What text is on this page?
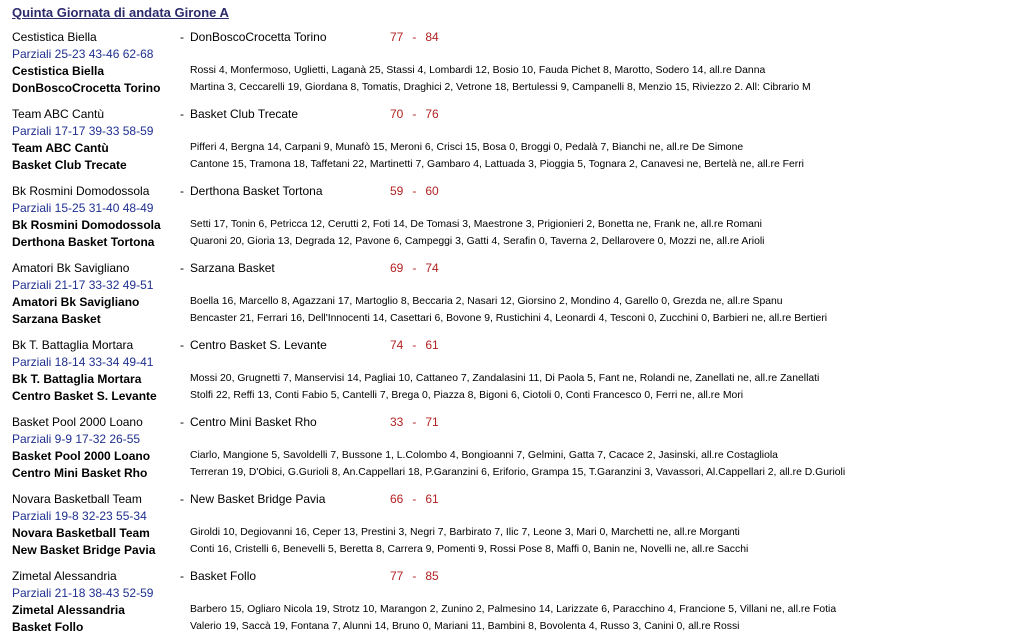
Quinta Giornata di andata Girone A
Cestistica Biella	- DonBoscoCrocetta Torino	77 - 84
Parziali 25-23 43-46 62-68
Cestistica Biella	Rossi 4, Monfermoso, Uglietti, Laganà 25, Stassi 4, Lombardi 12, Bosio 10, Fauda Pichet 8, Marotto, Sodero 14, all.re Danna
DonBoscoCrocetta Torino	Martina 3, Ceccarelli 19, Giordana 8, Tomatis, Draghici 2, Vetrone 18, Bertulessi 9, Campanelli 8, Menzio 15, Riviezzo 2. All: Cibrario M
Team ABC Cantù	- Basket Club Trecate	70 - 76
Parziali 17-17 39-33 58-59
Team ABC Cantù	Pifferi 4, Bergna 14, Carpani 9, Munafò 15, Meroni 6, Crisci 15, Bosa 0, Broggi 0, Pedalà 7, Bianchi ne, all.re De Simone
Basket Club Trecate	Cantone 15, Tramona 18, Taffetani 22, Martinetti 7, Gambaro 4, Lattuada 3, Pioggia 5, Tognara 2, Canavesi ne, Bertelà ne, all.re Ferri
Bk Rosmini Domodossola	- Derthona Basket Tortona	59 - 60
Parziali 15-25 31-40 48-49
Bk Rosmini Domodossola	Setti 17, Tonin 6, Petricca 12, Cerutti 2, Foti 14, De Tomasi 3, Maestrone 3, Prigionieri 2, Bonetta ne, Frank ne, all.re Romani
Derthona Basket Tortona	Quaroni 20, Gioria 13, Degrada 12, Pavone 6, Campeggi 3, Gatti 4, Serafin 0, Taverna 2, Dellarovere 0, Mozzi ne, all.re Arioli
Amatori Bk Savigliano	- Sarzana Basket	69 - 74
Parziali 21-17 33-32 49-51
Amatori Bk Savigliano	Boella 16, Marcello 8, Agazzani 17, Martoglio 8, Beccaria 2, Nasari 12, Giorsino 2, Mondino 4, Garello 0, Grezda ne, all.re Spanu
Sarzana Basket	Bencaster 21, Ferrari 16, Dell'Innocenti 14, Casettari 6, Bovone 9, Rustichini 4, Leonardi 4, Tesconi 0, Zucchini 0, Barbieri ne, all.re Bertieri
Bk T. Battaglia Mortara	- Centro Basket S. Levante	74 - 61
Parziali 18-14 33-34 49-41
Bk T. Battaglia Mortara	Mossi 20, Grugnetti 7, Manservisi 14, Pagliai 10, Cattaneo 7, Zandalasini 11, Di Paola 5, Fant ne, Rolandi ne, Zanellati ne, all.re Zanellati
Centro Basket S. Levante	Stolfi 22, Reffi 13, Conti Fabio 5, Cantelli 7, Brega 0, Piazza 8, Bigoni 6, Ciotoli 0, Conti Francesco 0, Ferri ne, all.re Mori
Basket Pool 2000 Loano	- Centro Mini Basket Rho	33 - 71
Parziali 9-9 17-32 26-55
Basket Pool 2000 Loano	Ciarlo, Mangione 5, Savoldelli 7, Bussone 1, L.Colombo 4, Bongioanni 7, Gelmini, Gatta 7, Cacace 2, Jasinski, all.re Costagliola
Centro Mini Basket Rho	Terreran 19, D'Obici, G.Gurioli 8, An.Cappellari 18, P.Garanzini 6, Eriforio, Grampa 15, T.Garanzini 3, Vavassori, Al.Cappellari 2, all.re D.Gurioli
Novara Basketball Team	- New Basket Bridge Pavia	66 - 61
Parziali 19-8 32-23 55-34
Novara Basketball Team	Giroldi 10, Degiovanni 16, Ceper 13, Prestini 3, Negri 7, Barbirato 7, Ilic 7, Leone 3, Mari 0, Marchetti ne, all.re Morganti
New Basket Bridge Pavia	Conti 16, Cristelli 6, Benevelli 5, Beretta 8, Carrera 9, Pomenti 9, Rossi Pose 8, Maffi 0, Banin ne, Novelli ne, all.re Sacchi
Zimetal Alessandria	- Basket Follo	77 - 85
Parziali 21-18 38-43 52-59
Zimetal Alessandria	Barbero 15, Ogliaro Nicola 19, Strotz 10, Marangon 2, Zunino 2, Palmesino 14, Larizzate 6, Paracchino 4, Francione 5, Villani ne, all.re Fotia
Basket Follo	Valerio 19, Saccà 19, Fontana 7, Alunni 14, Bruno 0, Mariani 11, Bambini 8, Bovolenta 4, Russo 3, Canini 0, all.re Rossi
